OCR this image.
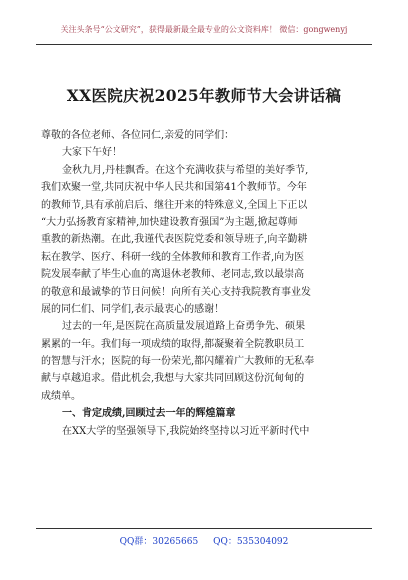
关注头条号“公文研究”，获得最新最全最专业的公文资料库！ 微信：gongwenyj
XX医院庆祝2025年教师节大会讲话稿
尊敬的各位老师、各位同仁,亲爱的同学们：
大家下午好！
金秋九月,丹桂飘香。在这个充满收获与希望的美好季节,
我们欢聚一堂,共同庆祝中华人民共和国第41个教师节。今年
的教师节,具有承前启后、继往开来的特殊意义,全国上下正以
“大力弘扬教育家精神,加快建设教育强国”为主题,掀起尊师
重教的新热潮。在此,我谨代表医院党委和领导班子,向辛勤耕
耘在教学、医疗、科研一线的全体教师和教育工作者,向为医
院发展奉献了毕生心血的离退休老教师、老同志,致以最崇高
的敬意和最诚挚的节日问候！向所有关心支持我院教育事业发
展的同仁们、同学们,表示最衷心的感谢！
过去的一年,是医院在高质量发展道路上奋勇争先、硕果
累累的一年。我们每一项成绩的取得,都凝聚着全院教职员工
的智慧与汗水；医院的每一份荣光,都闪耀着广大教师的无私奉
献与卓越追求。借此机会,我想与大家共同回顾这份沉甸甸的
成绩单。
一、肯定成绩,回顾过去一年的辉煌篇章
在XX大学的坚强领导下,我院始终坚持以习近平新时代中
QQ群：30265665 QQ：535304092
